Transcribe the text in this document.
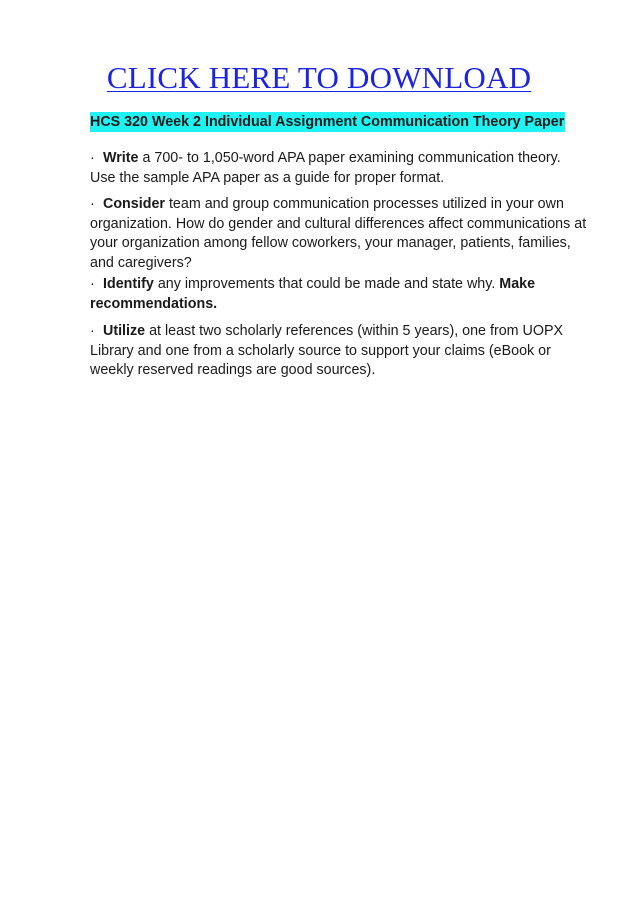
CLICK HERE TO DOWNLOAD
HCS 320 Week 2 Individual Assignment Communication Theory Paper
· Write a 700- to 1,050-word APA paper examining communication theory. Use the sample APA paper as a guide for proper format.
· Consider team and group communication processes utilized in your own organization. How do gender and cultural differences affect communications at your organization among fellow coworkers, your manager, patients, families, and caregivers?
· Identify any improvements that could be made and state why. Make recommendations.
· Utilize at least two scholarly references (within 5 years), one from UOPX Library and one from a scholarly source to support your claims (eBook or weekly reserved readings are good sources).
